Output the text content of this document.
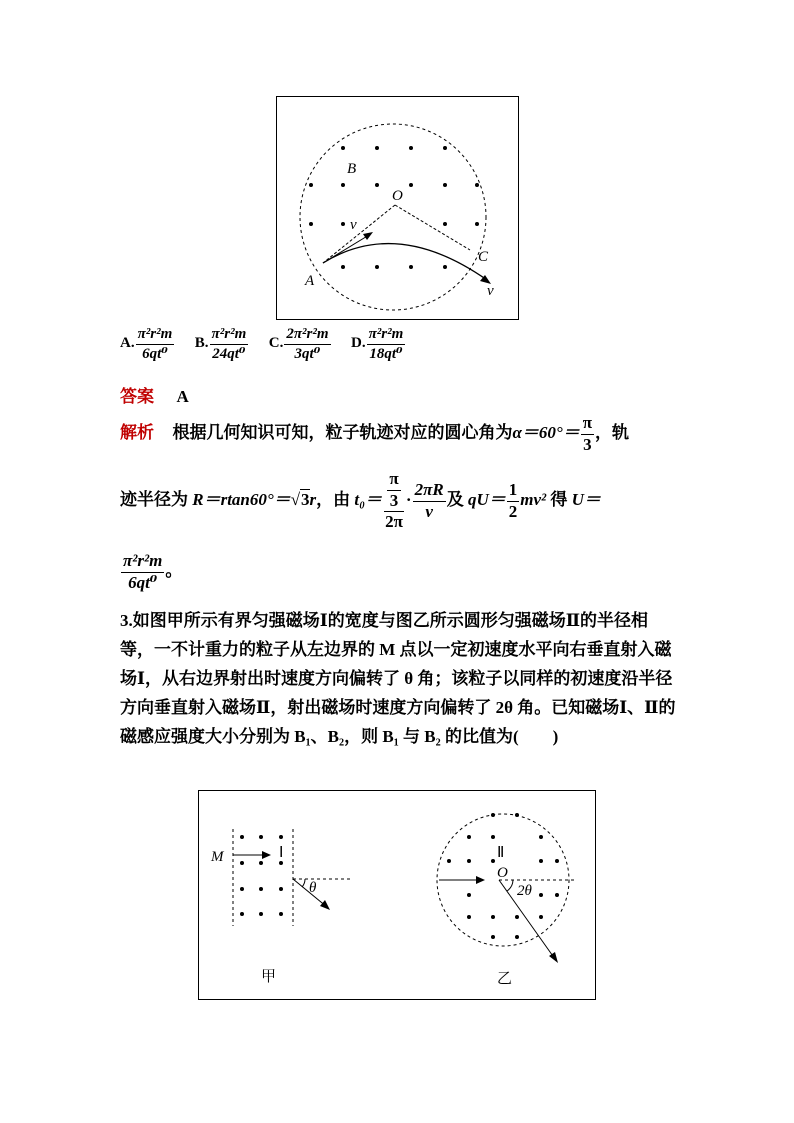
B
O
v
C
A
v
A. $\frac{\text{π²r²m}}{\text{6qt⁰}} B$. $\frac{\text{π²r²m}}{\text{24qt⁰}} C$. $\frac{\text{2π²r²m}}{\text{3qt⁰}} D$. $\frac{\text{π²r²m}}{\text{18qt⁰}}$
答案 A
解析 根据几何知识可知，粒子轨迹对应的圆心角为$\alpha=60^\circ= \frac{\pi}{3}$ ，轨
迹半径为 R＝rtan60°＝√3r，由 $t_0= \frac{\frac{\pi}{3}}{2\pi} \cdot \frac{2\pi R}{v}$ 及 $qU= \frac{1}{2} mv^2$ 得 U＝
$\frac{\text{π²r²m}}{\text{6qt⁰}}$ 。
3.如图甲所示有界匀强磁场Ⅰ的宽度与图乙所示圆形匀强磁场Ⅱ的半径相等，一不计重力的粒子从左边界的 M 点以一定初速度水平向右垂直射入磁场Ⅰ，从右边界射出时速度方向偏转了 θ 角；该粒子以同样的初速度沿半径方向垂直射入磁场Ⅱ，射出磁场时速度方向偏转了 2θ 角。已知磁场Ⅰ、Ⅱ的磁感应强度大小分别为 B₁、B₂，则 B₁ 与 B₂ 的比值为(　　)
M	Ⅰ
θ
甲
Ⅱ
O
2θ
乙
